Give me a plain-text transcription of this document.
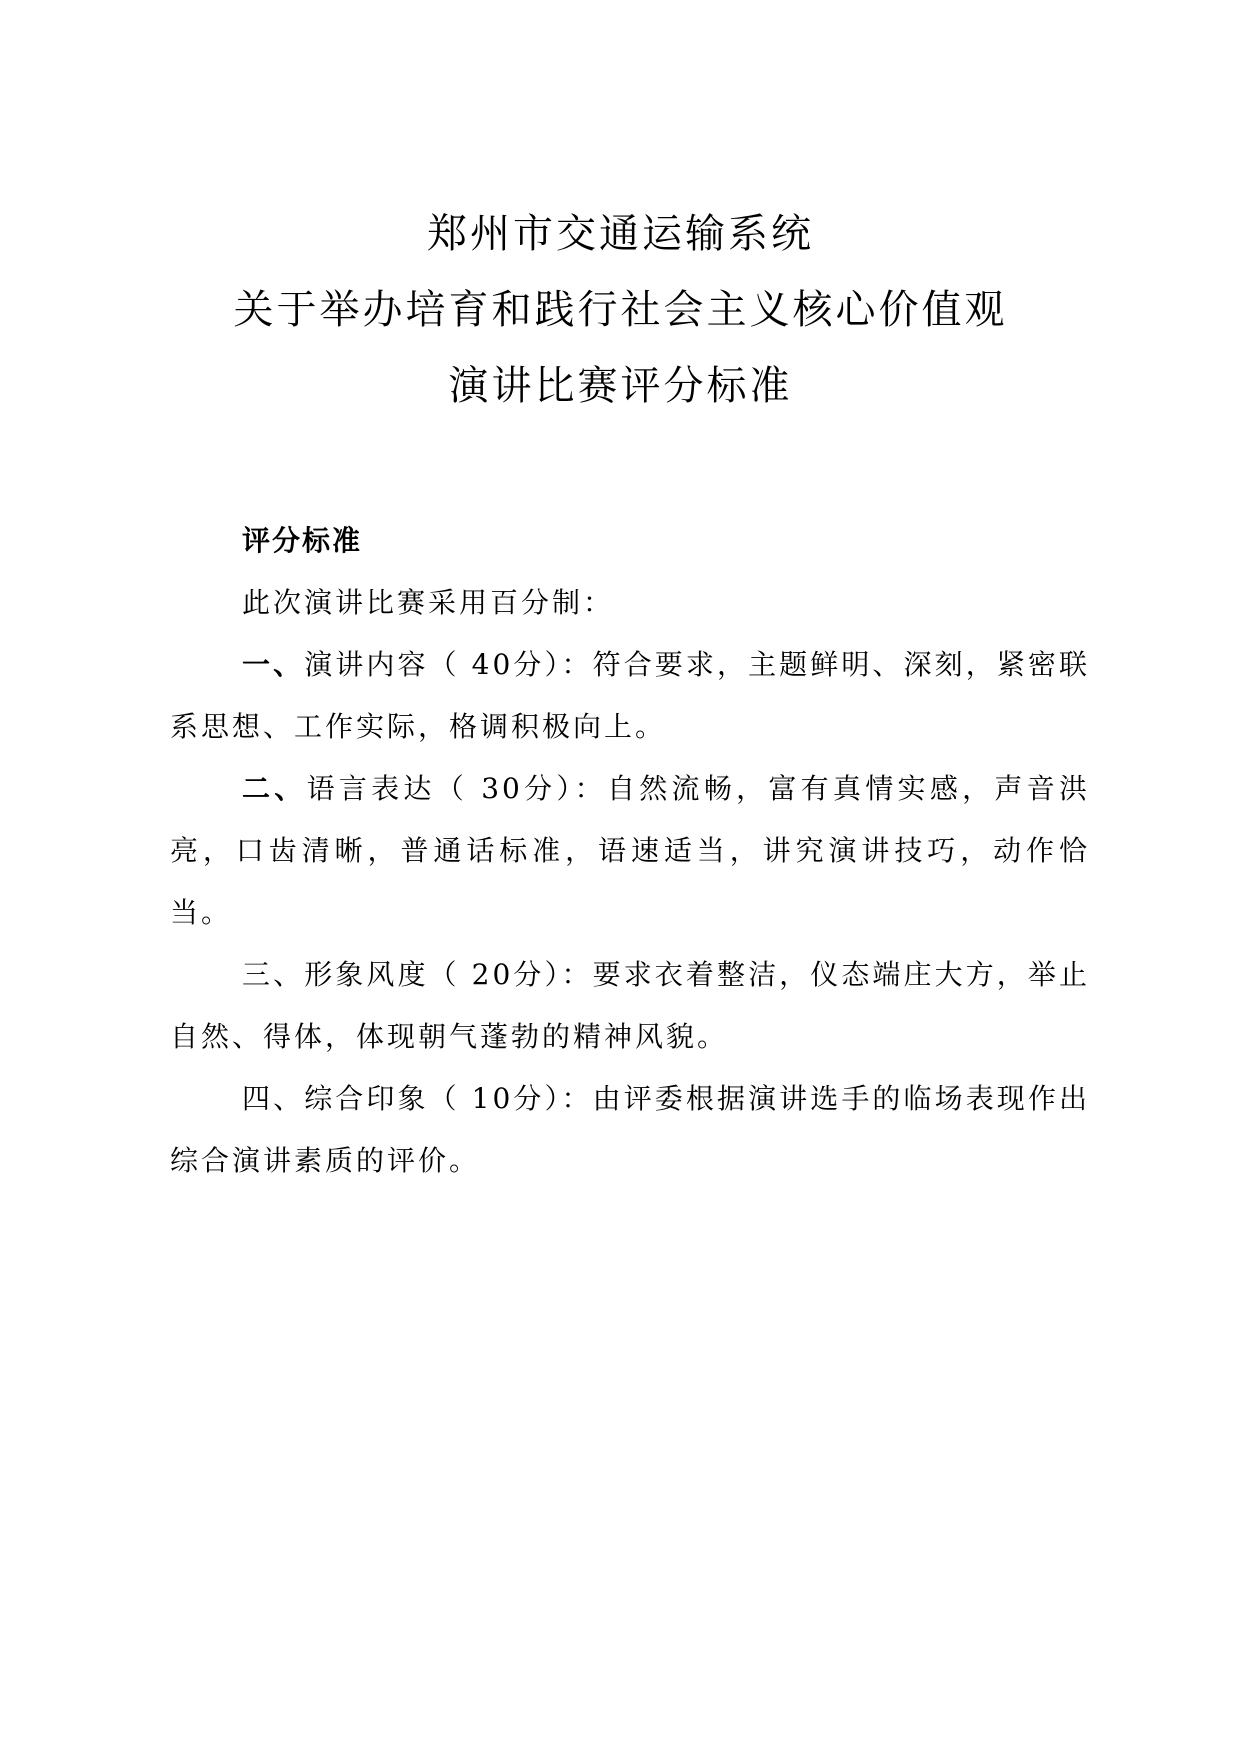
郑州市交通运输系统
关于举办培育和践行社会主义核心价值观
演讲比赛评分标准

评分标准

此次演讲比赛采用百分制：

一、演讲内容（ 40分）：符合要求，主题鲜明、深刻，紧密联系思想、工作实际，格调积极向上。

二、语言表达（ 30分）：自然流畅，富有真情实感，声音洪亮，口齿清晰，普通话标准，语速适当，讲究演讲技巧，动作恰当。

三、形象风度（ 20分）：要求衣着整洁，仪态端庄大方，举止自然、得体，体现朝气蓬勃的精神风貌。

四、综合印象（ 10分）：由评委根据演讲选手的临场表现作出综合演讲素质的评价。
